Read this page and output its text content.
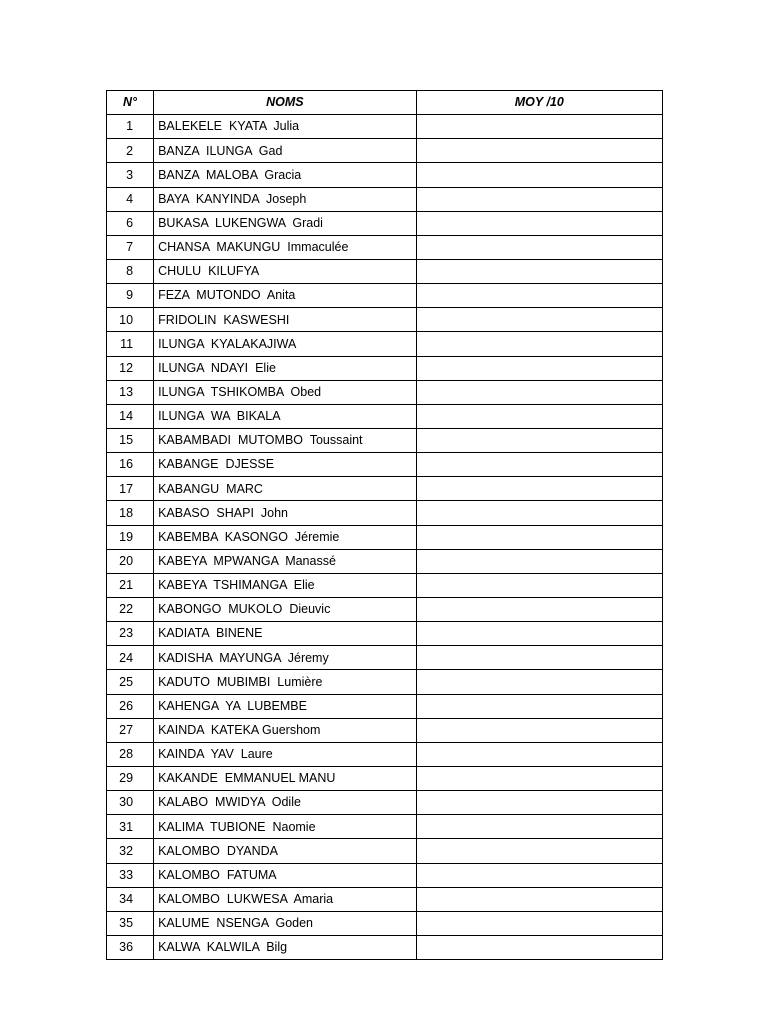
N°	NOMS	MOY /10
1	BALEKELE  KYATA  Julia	
2	BANZA  ILUNGA  Gad	
3	BANZA  MALOBA  Gracia	
4	BAYA  KANYINDA  Joseph	
6	BUKASA  LUKENGWA  Gradi	
7	CHANSA  MAKUNGU  Immaculée	
8	CHULU  KILUFYA	
9	FEZA  MUTONDO  Anita	
10	FRIDOLIN  KASWESHI	
11	ILUNGA  KYALAKAJIWA	
12	ILUNGA  NDAYI  Elie	
13	ILUNGA  TSHIKOMBA  Obed	
14	ILUNGA  WA  BIKALA	
15	KABAMBADI  MUTOMBO  Toussaint	
16	KABANGE  DJESSE	
17	KABANGU  MARC	
18	KABASO  SHAPI  John	
19	KABEMBA  KASONGO  Jéremie	
20	KABEYA  MPWANGA  Manassé	
21	KABEYA  TSHIMANGA  Elie	
22	KABONGO  MUKOLO  Dieuvic	
23	KADIATA  BINENE	
24	KADISHA  MAYUNGA  Jéremy	
25	KADUTO  MUBIMBI  Lumière	
26	KAHENGA  YA  LUBEMBE	
27	KAINDA  KATEKA Guershom	
28	KAINDA  YAV  Laure	
29	KAKANDE  EMMANUEL MANU	
30	KALABO  MWIDYA  Odile	
31	KALIMA  TUBIONE  Naomie	
32	KALOMBO  DYANDA	
33	KALOMBO  FATUMA	
34	KALOMBO  LUKWESA  Amaria	
35	KALUME  NSENGA  Goden	
36	KALWA  KALWILA  Bilg	
